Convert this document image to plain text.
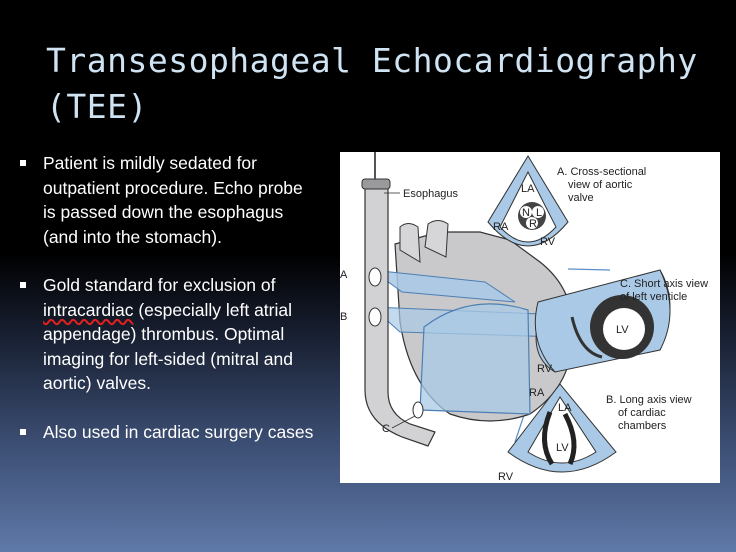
Transesophageal Echocardiography (TEE)
Patient is mildly sedated for outpatient procedure. Echo probe is passed down the esophagus (and into the stomach).
Gold standard for exclusion of intracardiac (especially left atrial appendage) thrombus. Optimal imaging for left-sided (mitral and aortic) valves.
Also used in cardiac surgery cases
Esophagus
A
B
C
LA
RA
RV
N L
R
A. Cross-sectional
view of aortic
valve
LV
RV
C. Short axis view
of left venticle
RA
LA
LV
RV
B. Long axis view
of cardiac
chambers
